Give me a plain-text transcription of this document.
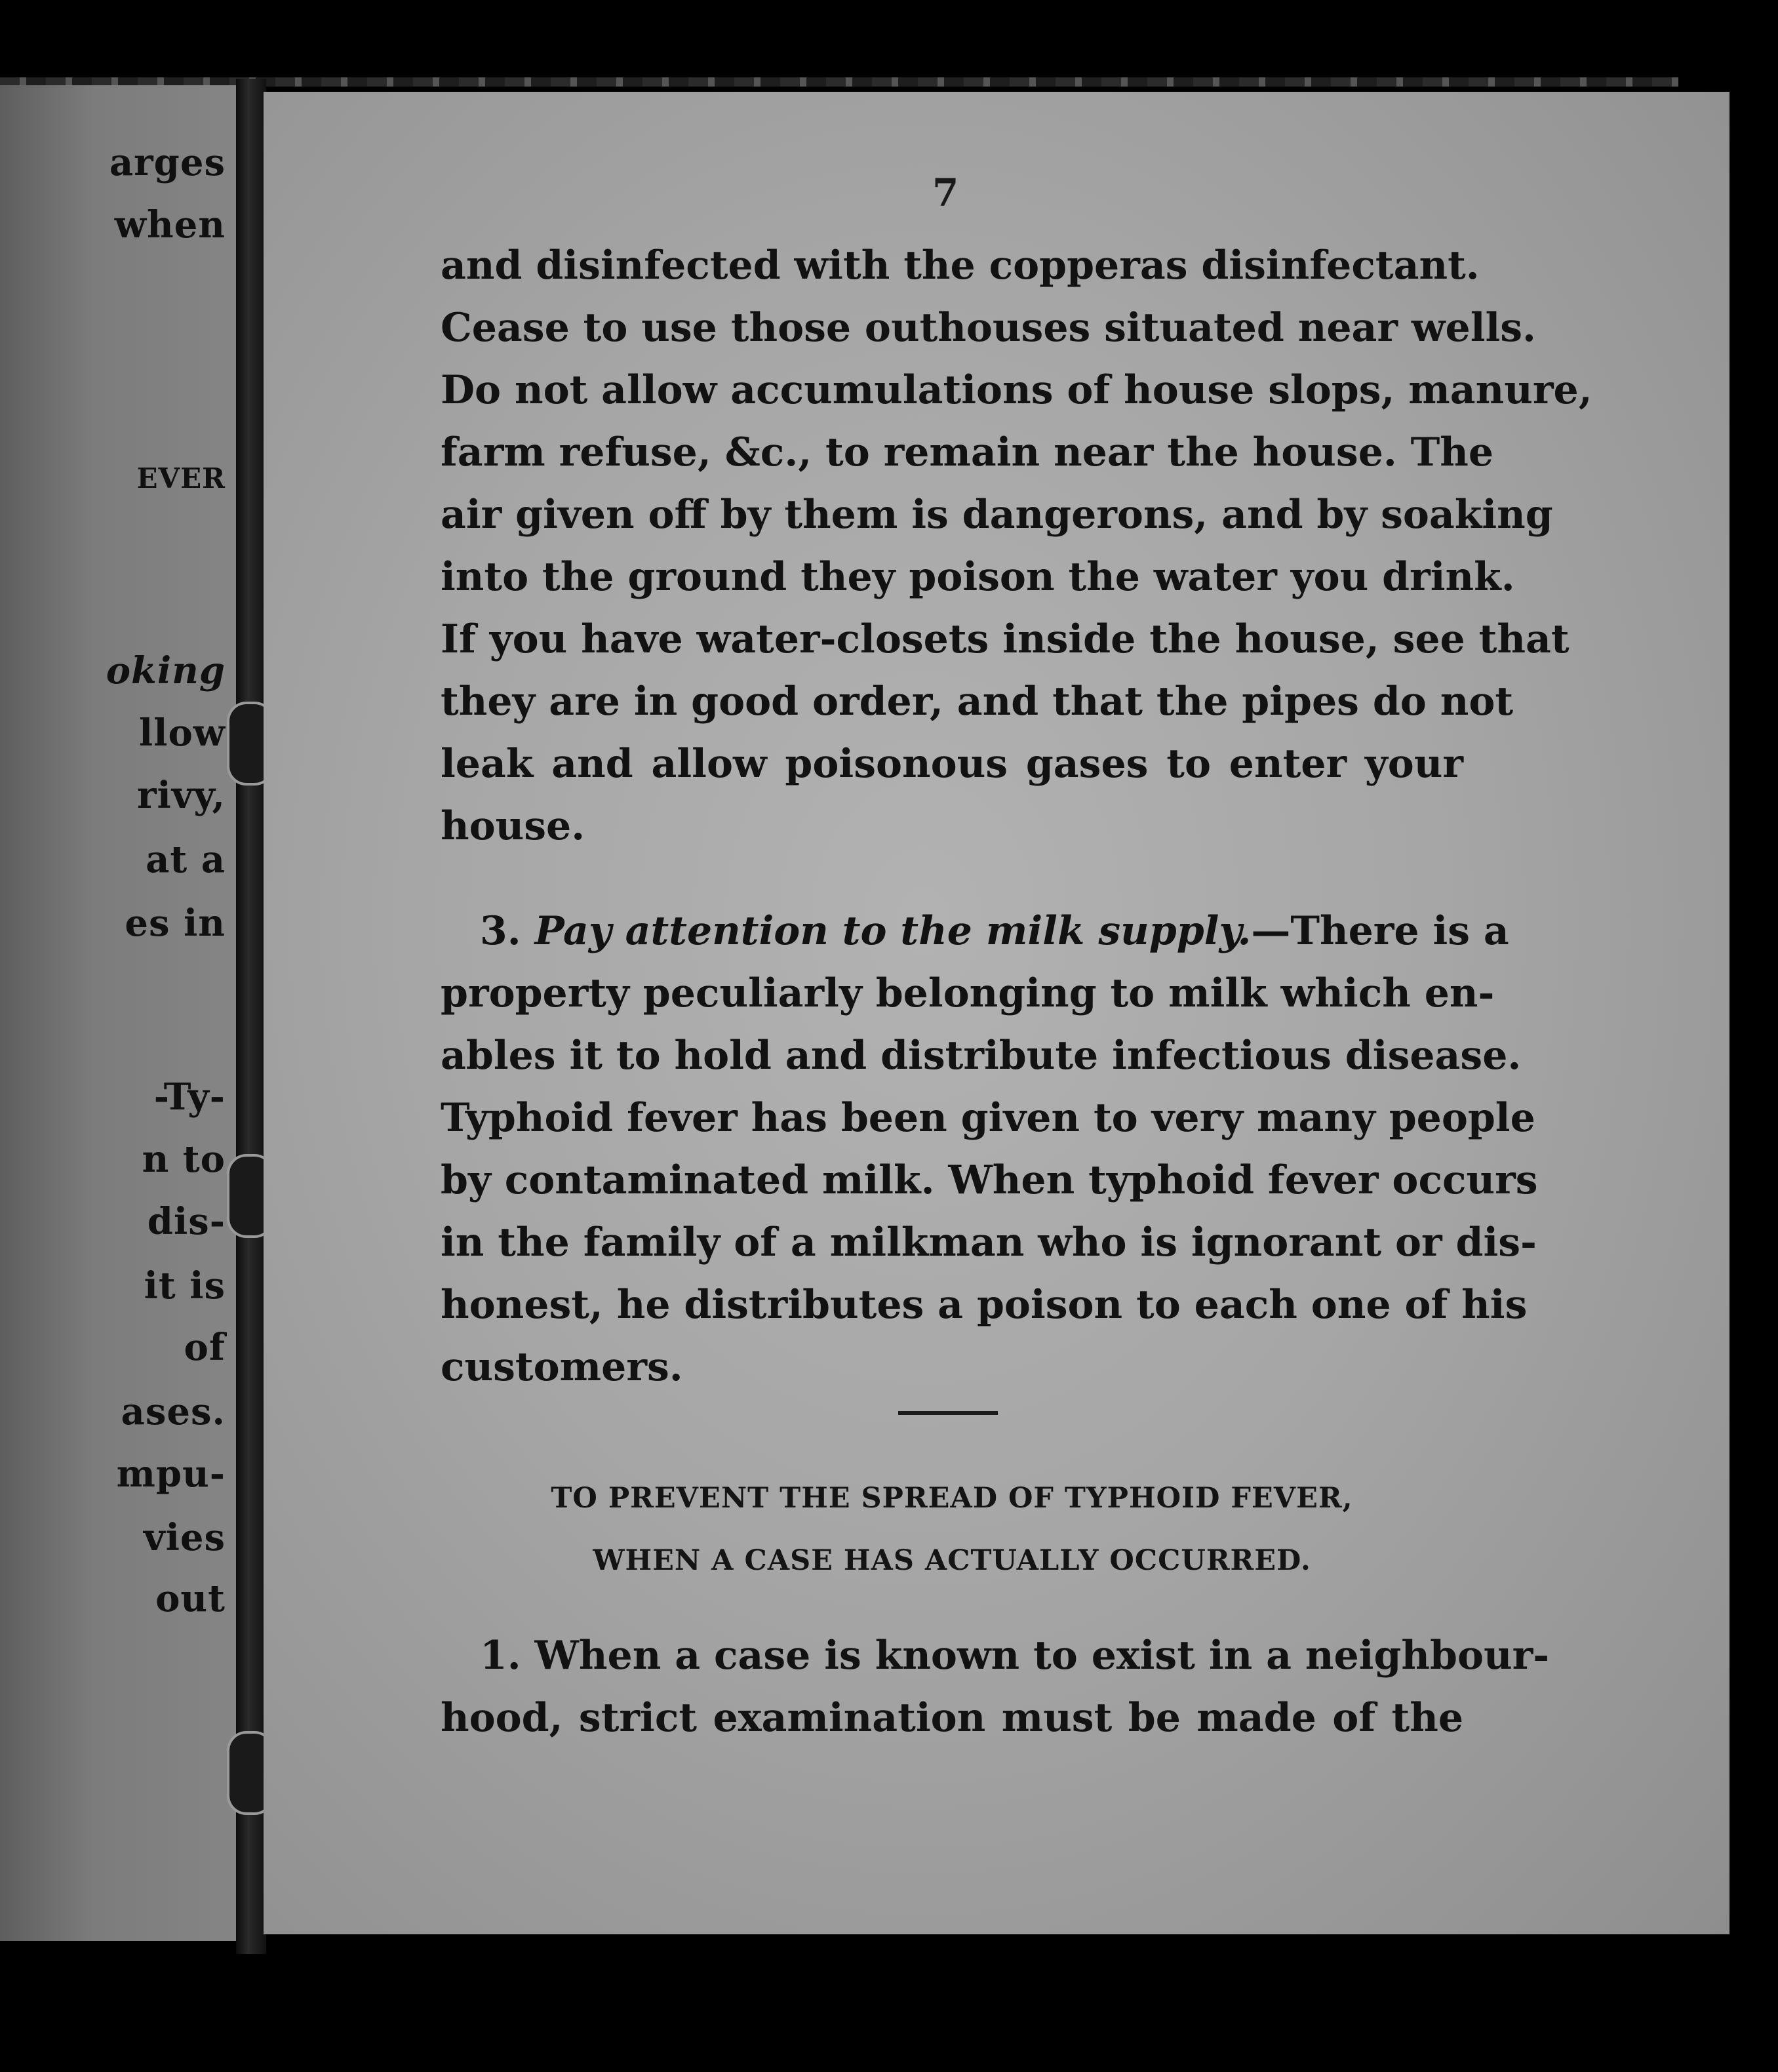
arges

when

EVER

oking

llow

rivy,

at a

es in

-Ty-

n to

dis-

it is

of

ases.

mpu-

vies

out

7

and disinfected with the copperas disinfectant.

Cease to use those outhouses situated near wells.

Do not allow accumulations of house slops, manure,

farm refuse, &c., to remain near the house. The

air given off by them is dangerons, and by soaking

into the ground they poison the water you drink.

If you have water-closets inside the house, see that

they are in good order, and that the pipes do not

leak and allow poisonous gases to enter your

house.

3. Pay attention to the milk supply.—There is a

property peculiarly belonging to milk which en-

ables it to hold and distribute infectious disease.

Typhoid fever has been given to very many people

by contaminated milk. When typhoid fever occurs

in the family of a milkman who is ignorant or dis-

honest, he distributes a poison to each one of his

customers.

TO PREVENT THE SPREAD OF TYPHOID FEVER,

WHEN A CASE HAS ACTUALLY OCCURRED.

1. When a case is known to exist in a neighbour-

hood, strict examination must be made of the
